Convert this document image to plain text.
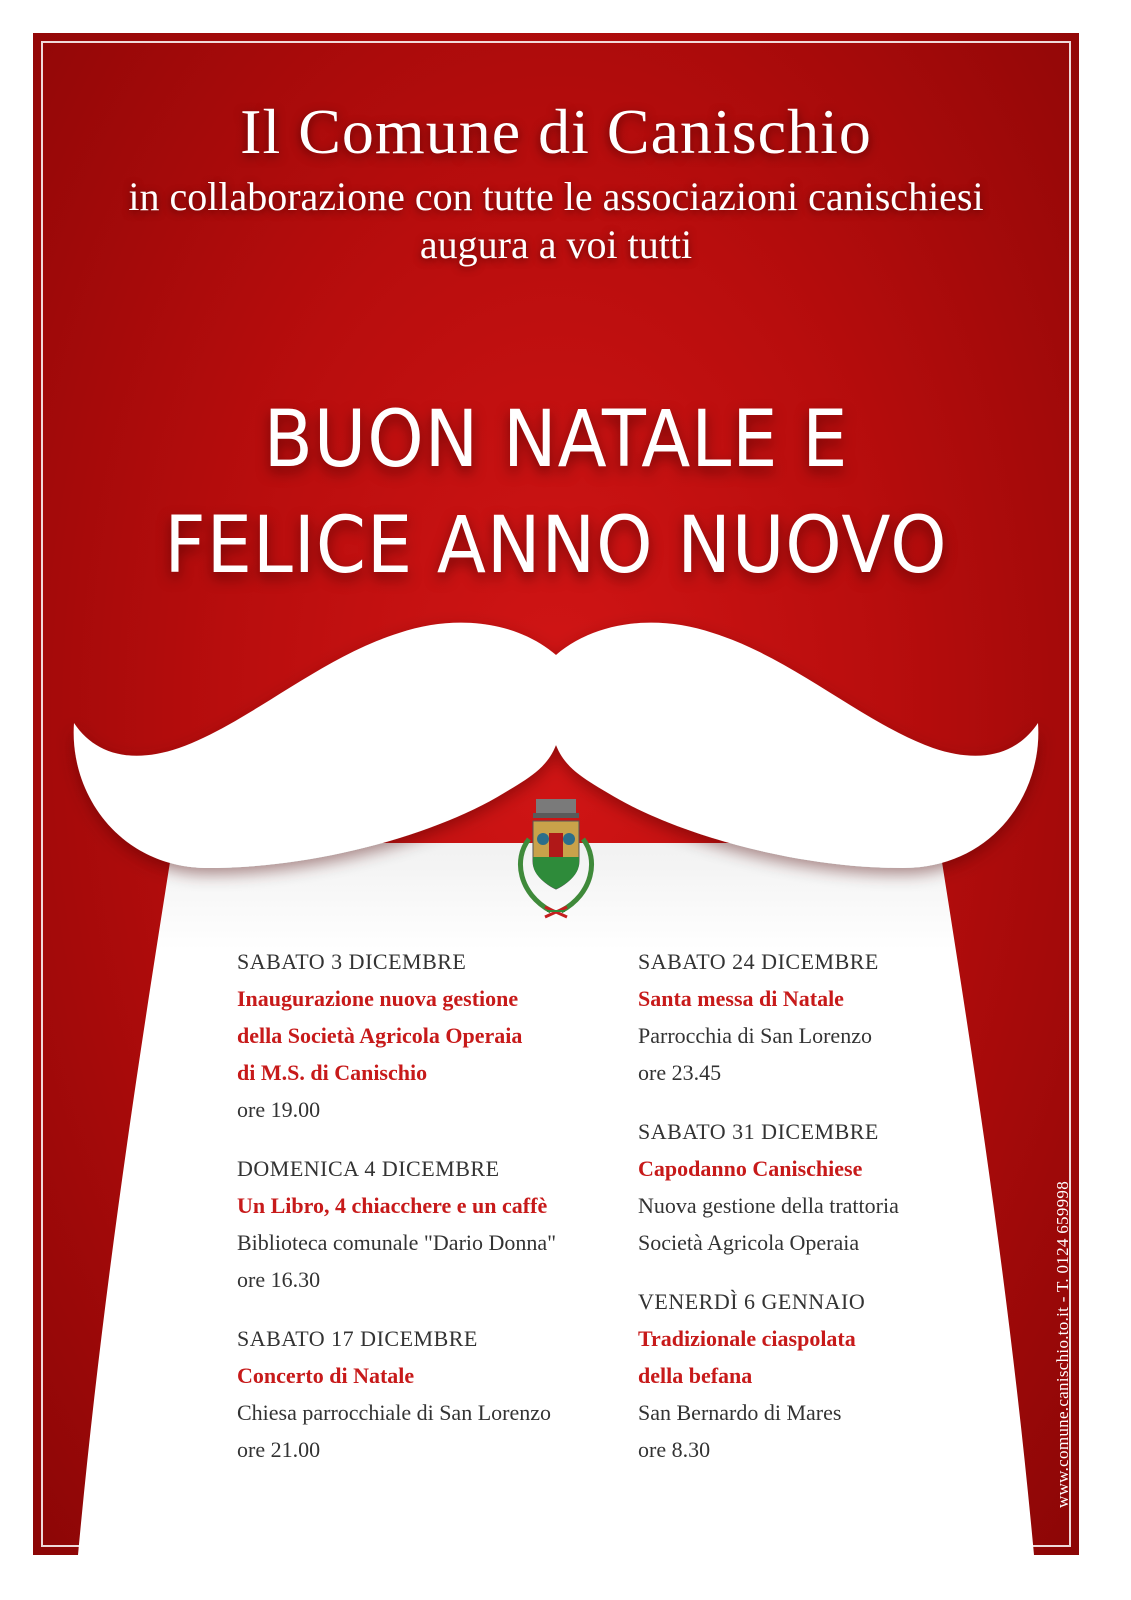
Il Comune di Canischio
in collaborazione con tutte le associazioni canischiesi
augura a voi tutti
BUON NATALE E
FELICE ANNO NUOVO
SABATO 3 DICEMBRE
Inaugurazione nuova gestione
della Società Agricola Operaia
di M.S. di Canischio
ore 19.00
DOMENICA 4 DICEMBRE
Un Libro, 4 chiacchere e un caffè
Biblioteca comunale "Dario Donna"
ore 16.30
SABATO 17 DICEMBRE
Concerto di Natale
Chiesa parrocchiale di San Lorenzo
ore 21.00
SABATO 24 DICEMBRE
Santa messa di Natale
Parrocchia di San Lorenzo
ore 23.45
SABATO 31 DICEMBRE
Capodanno Canischiese
Nuova gestione della trattoria
Società Agricola Operaia
VENERDÌ 6 GENNAIO
Tradizionale ciaspolata
della befana
San Bernardo di Mares
ore 8.30	www.comune.canischio.to.it - T. 0124 659998
